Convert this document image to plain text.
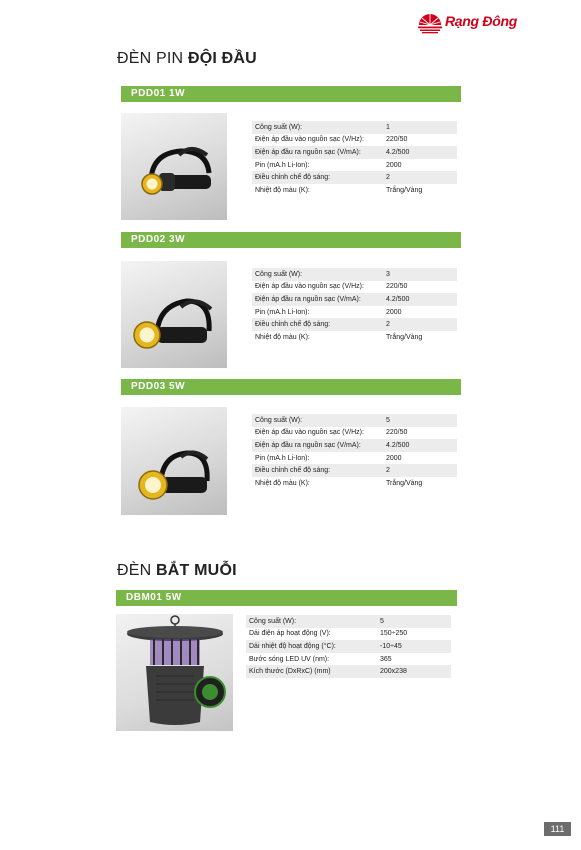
Rạng Đông
ĐÈN PIN ĐỘI ĐẦU
PDD01 1W
Công suất (W):	1
Điện áp đầu vào nguồn sạc (V/Hz):	220/50
Điện áp đầu ra nguồn sạc (V/mA):	4.2/500
Pin (mA.h Li-Ion):	2000
Điều chỉnh chế độ sáng:	2
Nhiệt độ màu (K):	Trắng/Vàng
PDD02 3W
Công suất (W):	3
Điện áp đầu vào nguồn sạc (V/Hz):	220/50
Điện áp đầu ra nguồn sạc (V/mA):	4.2/500
Pin (mA.h Li-Ion):	2000
Điều chỉnh chế độ sáng:	2
Nhiệt độ màu (K):	Trắng/Vàng
PDD03 5W
Công suất (W):	5
Điện áp đầu vào nguồn sạc (V/Hz):	220/50
Điện áp đầu ra nguồn sạc (V/mA):	4.2/500
Pin (mA.h Li-Ion):	2000
Điều chỉnh chế độ sáng:	2
Nhiệt độ màu (K):	Trắng/Vàng
ĐÈN BẮT MUỖI
DBM01 5W
Công suất (W):	5
Dải điện áp hoạt động (V):	150÷250
Dải nhiệt độ hoạt động (°C):	-10÷45
Bước sóng LED UV (nm):	365
Kích thước (DxRxC) (mm)	200x238
111
